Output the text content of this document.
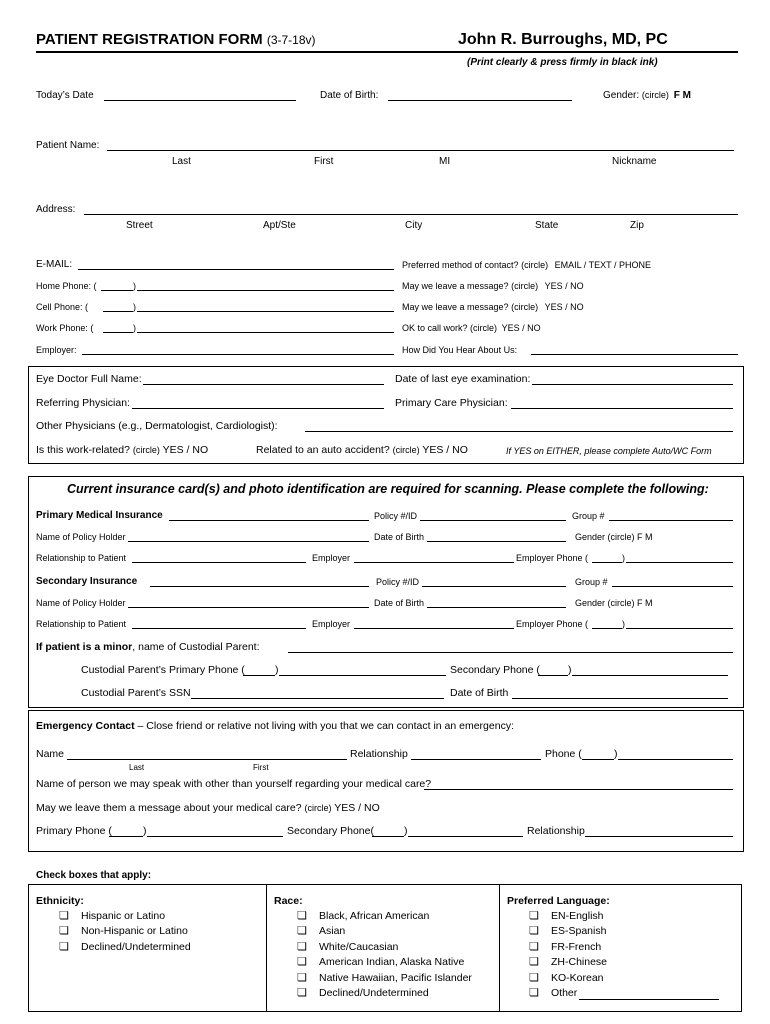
PATIENT REGISTRATION FORM (3-7-18v)	John R. Burroughs, MD, PC
(Print clearly & press firmly in black ink)
Today’s Date	Date of Birth:	Gender: (circle) F M
Patient Name:
Last	First	MI	Nickname
Address:
Street	Apt/Ste	City	State	Zip
E-MAIL:	Preferred method of contact? (circle) EMAIL / TEXT / PHONE
Home Phone: (	)	May we leave a message? (circle) YES / NO
Cell Phone: (	)	May we leave a message? (circle) YES / NO
Work Phone: (	)	OK to call work? (circle) YES / NO
Employer:	How Did You Hear About Us:
Eye Doctor Full Name:	Date of last eye examination:
Referring Physician:	Primary Care Physician:
Other Physicians (e.g., Dermatologist, Cardiologist):
Is this work-related? (circle) YES / NO	Related to an auto accident? (circle) YES / NO	If YES on EITHER, please complete Auto/WC Form
Current insurance card(s) and photo identification are required for scanning. Please complete the following:
Primary Medical Insurance	Policy #/ID	Group #
Name of Policy Holder	Date of Birth	Gender (circle) F M
Relationship to Patient	Employer	Employer Phone (	)
Secondary Insurance	Policy #/ID	Group #
Name of Policy Holder	Date of Birth	Gender (circle) F M
Relationship to Patient	Employer	Employer Phone (	)
If patient is a minor, name of Custodial Parent:
Custodial Parent’s Primary Phone (	)	Secondary Phone (	)
Custodial Parent’s SSN	Date of Birth
Emergency Contact – Close friend or relative not living with you that we can contact in an emergency:
Name
Last	First
Relationship	Phone (	)
Name of person we may speak with other than yourself regarding your medical care?
May we leave them a message about your medical care? (circle) YES / NO
Primary Phone (	)	Secondary Phone(	)	Relationship
Check boxes that apply:
Ethnicity:
❏ Hispanic or Latino
❏ Non-Hispanic or Latino
❏ Declined/Undetermined
Race:
❏ Black, African American
❏ Asian
❏ White/Caucasian
❏ American Indian, Alaska Native
❏ Native Hawaiian, Pacific Islander
❏ Declined/Undetermined
Preferred Language:
❏ EN-English
❏ ES-Spanish
❏ FR-French
❏ ZH-Chinese
❏ KO-Korean
❏ Other
